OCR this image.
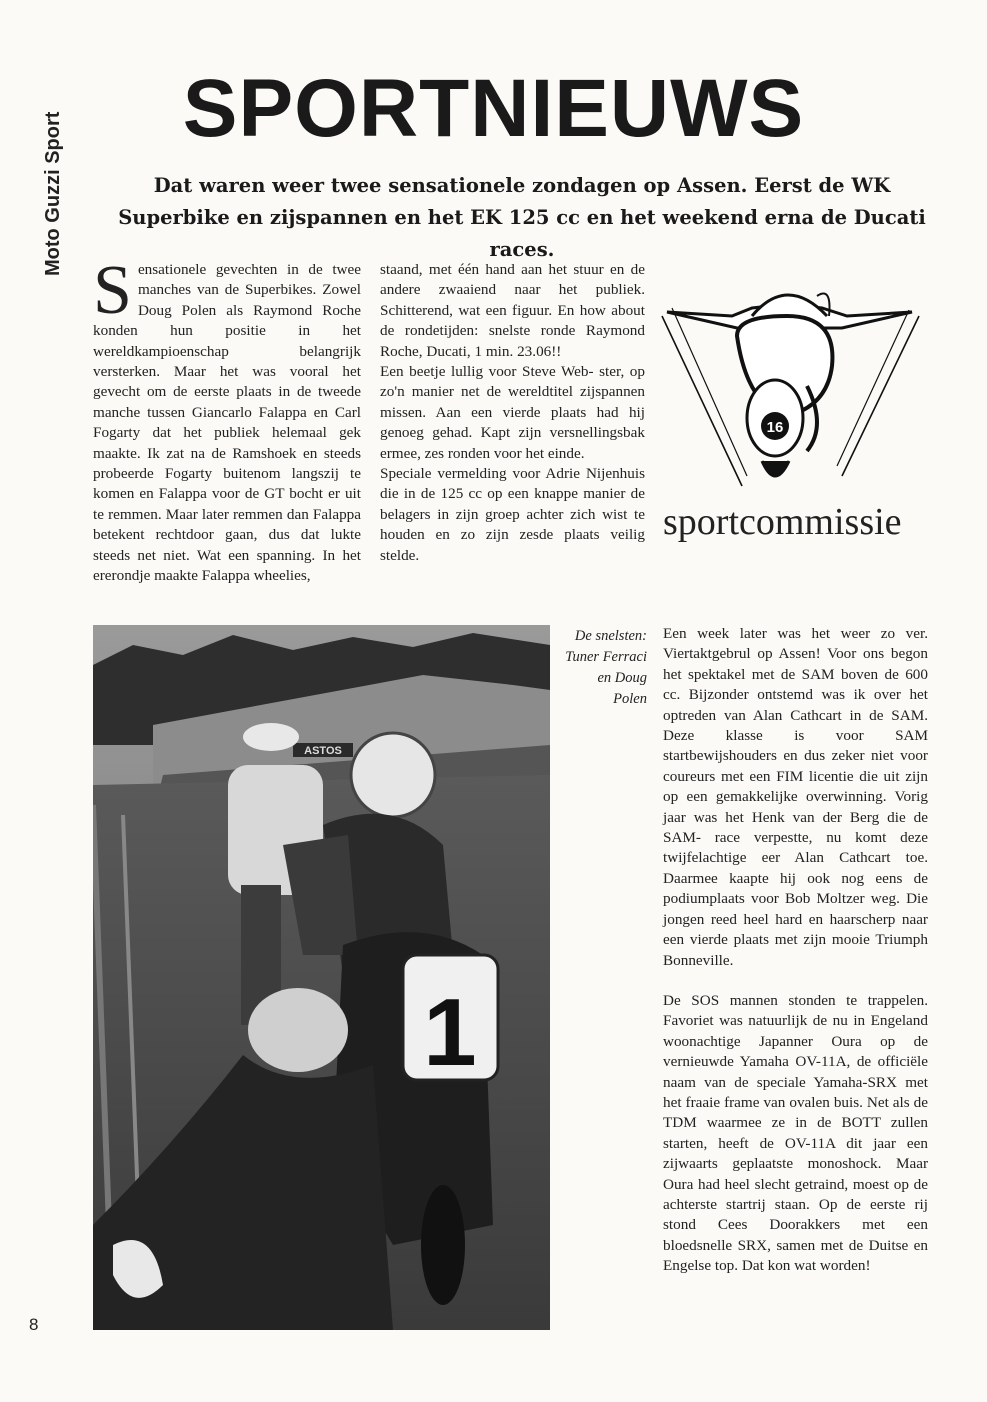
Moto Guzzi Sport
SPORTNIEUWS
Dat waren weer twee sensationele zondagen op Assen. Eerst de WK Superbike en zijspannen en het EK 125 cc en het weekend erna de Ducati races.
S ensationele gevechten in de twee manches van de Superbikes. Zowel Doug Polen als Raymond Roche konden hun positie in het wereldkampioenschap belangrijk versterken. Maar het was vooral het gevecht om de eerste plaats in de tweede manche tussen Giancarlo Falappa en Carl Fogarty dat het publiek helemaal gek maakte. Ik zat na de Ramshoek en steeds probeerde Fogarty buitenom langszij te komen en Falappa voor de GT bocht er uit te remmen. Maar later remmen dan Falappa betekent rechtdoor gaan, dus dat lukte steeds net niet. Wat een spanning. In het ererondje maakte Falappa wheelies,

staand, met één hand aan het stuur en de andere zwaaiend naar het publiek. Schitterend, wat een figuur. En how about de rondetijden: snelste ronde Raymond Roche, Ducati, 1 min. 23.06!!

Een beetje lullig voor Steve Web- ster, op zo'n manier net de wereldtitel zijspannen missen. Aan een vierde plaats had hij genoeg gehad. Kapt zijn versnellingsbak ermee, zes ronden voor het einde.

Speciale vermelding voor Adrie Nijenhuis die in de 125 cc op een knappe manier de belagers in zijn groep achter zich wist te houden en zo zijn zesde plaats veilig stelde.

16
sportcommissie
ASTOS
1
De snelsten: Tuner Ferraci en Doug Polen

Een week later was het weer zo ver. Viertaktgebrul op Assen! Voor ons begon het spektakel met de SAM boven de 600 cc. Bijzonder ontstemd was ik over het optreden van Alan Cathcart in de SAM. Deze klasse is voor SAM startbewijshouders en dus zeker niet voor coureurs met een FIM licentie die uit zijn op een gemakkelijke overwinning. Vorig jaar was het Henk van der Berg die de SAM- race verpestte, nu komt deze twijfelachtige eer Alan Cathcart toe. Daarmee kaapte hij ook nog eens de podiumplaats voor Bob Moltzer weg. Die jongen reed heel hard en haarscherp naar een vierde plaats met zijn mooie Triumph Bonneville.

De SOS mannen stonden te trappelen. Favoriet was natuurlijk de nu in Engeland woonachtige Japanner Oura op de vernieuwde Yamaha OV-11A, de officiële naam van de speciale Yamaha-SRX met het fraaie frame van ovalen buis. Net als de TDM waarmee ze in de BOTT zullen starten, heeft de OV-11A dit jaar een zijwaarts geplaatste monoshock. Maar Oura had heel slecht getraind, moest op de achterste startrij staan. Op de eerste rij stond Cees Doorakkers met een bloedsnelle SRX, samen met de Duitse en Engelse top. Dat kon wat worden!

8
